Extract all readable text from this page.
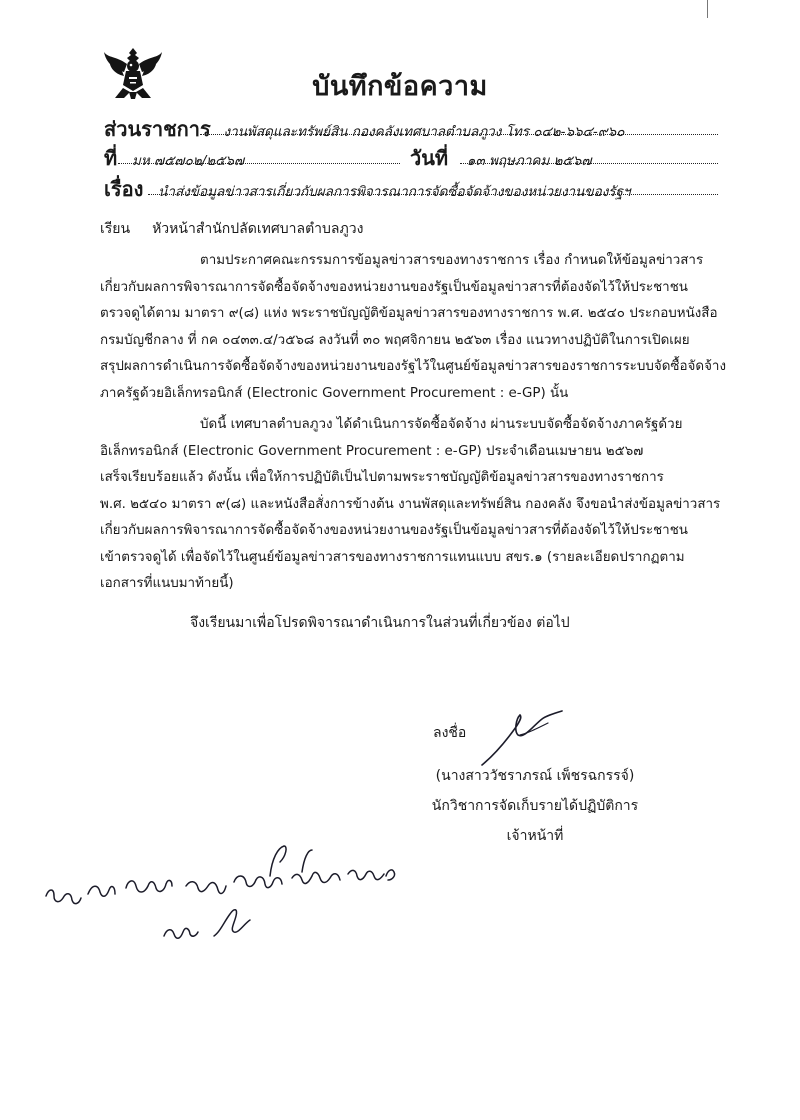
บันทึกข้อความ
ส่วนราชการ งานพัสดุและทรัพย์สิน กองคลังเทศบาลตำบลภูวง โทร ๐๔๒-๖๖๔-๙๖๐
ที่ มห ๗๕๗๐๒/๒๕๖๗	วันที่ ๑๓ พฤษภาคม ๒๕๖๗
เรื่อง นำส่งข้อมูลข่าวสารเกี่ยวกับผลการพิจารณาการจัดซื้อจัดจ้างของหน่วยงานของรัฐฯ
เรียน หัวหน้าสำนักปลัดเทศบาลตำบลภูวง
ตามประกาศคณะกรรมการข้อมูลข่าวสารของทางราชการ เรื่อง กำหนดให้ข้อมูลข่าวสาร
เกี่ยวกับผลการพิจารณาการจัดซื้อจัดจ้างของหน่วยงานของรัฐเป็นข้อมูลข่าวสารที่ต้องจัดไว้ให้ประชาชน
ตรวจดูได้ตาม มาตรา ๙(๘) แห่ง พระราชบัญญัติข้อมูลข่าวสารของทางราชการ พ.ศ. ๒๕๔๐ ประกอบหนังสือ
กรมบัญชีกลาง ที่ กค ๐๔๓๓.๔/ว๕๖๘ ลงวันที่ ๓๐ พฤศจิกายน ๒๕๖๓ เรื่อง แนวทางปฏิบัติในการเปิดเผย
สรุปผลการดำเนินการจัดซื้อจัดจ้างของหน่วยงานของรัฐไว้ในศูนย์ข้อมูลข่าวสารของราชการระบบจัดซื้อจัดจ้าง
ภาครัฐด้วยอิเล็กทรอนิกส์ (Electronic Government Procurement : e-GP) นั้น
บัดนี้ เทศบาลตำบลภูวง ได้ดำเนินการจัดซื้อจัดจ้าง ผ่านระบบจัดซื้อจัดจ้างภาครัฐด้วย
อิเล็กทรอนิกส์ (Electronic Government Procurement : e-GP) ประจำเดือนเมษายน ๒๕๖๗
เสร็จเรียบร้อยแล้ว ดังนั้น เพื่อให้การปฏิบัติเป็นไปตามพระราชบัญญัติข้อมูลข่าวสารของทางราชการ
พ.ศ. ๒๕๔๐ มาตรา ๙(๘) และหนังสือสั่งการข้างต้น งานพัสดุและทรัพย์สิน กองคลัง จึงขอนำส่งข้อมูลข่าวสาร
เกี่ยวกับผลการพิจารณาการจัดซื้อจัดจ้างของหน่วยงานของรัฐเป็นข้อมูลข่าวสารที่ต้องจัดไว้ให้ประชาชน
เข้าตรวจดูได้ เพื่อจัดไว้ในศูนย์ข้อมูลข่าวสารของทางราชการแทนแบบ สขร.๑ (รายละเอียดปรากฏตาม
เอกสารที่แนบมาท้ายนี้)
จึงเรียนมาเพื่อโปรดพิจารณาดำเนินการในส่วนที่เกี่ยวข้อง ต่อไป
ลงชื่อ
(นางสาววัชราภรณ์ เพ็ชรฉกรรจ์)
นักวิชาการจัดเก็บรายได้ปฏิบัติการ
เจ้าหน้าที่
